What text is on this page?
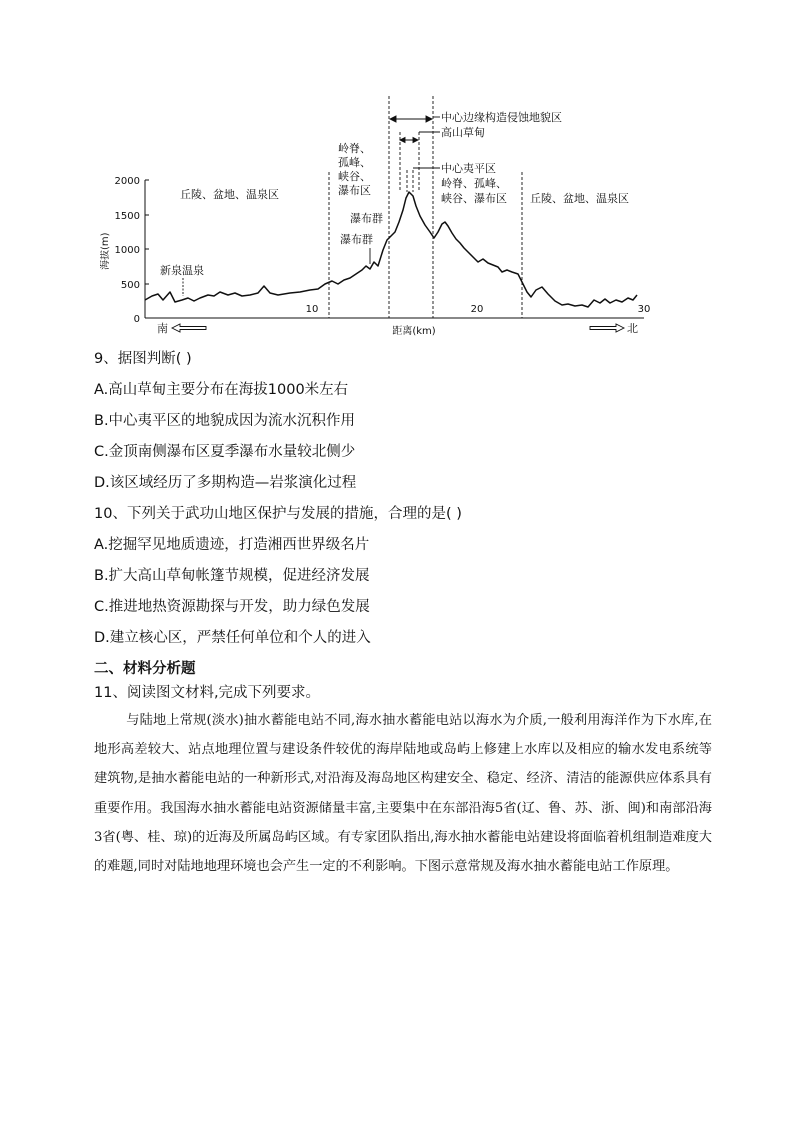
2000
1500
1000
500
0
海拔(m)
10	20	30
丘陵、盆地、温泉区	丘陵、盆地、温泉区
新泉温泉
岭脊、
孤峰、
峡谷、
瀑布区
瀑布群
瀑布群
中心边缘构造侵蚀地貌区
高山草甸
中心夷平区
岭脊、孤峰、
峡谷、瀑布区
南	距离(km)	北
9、据图判断( )
A.高山草甸主要分布在海拔1000米左右
B.中心夷平区的地貌成因为流水沉积作用
C.金顶南侧瀑布区夏季瀑布水量较北侧少
D.该区域经历了多期构造—岩浆演化过程
10、下列关于武功山地区保护与发展的措施，合理的是( )
A.挖掘罕见地质遗迹，打造湘西世界级名片
B.扩大高山草甸帐篷节规模，促进经济发展
C.推进地热资源勘探与开发，助力绿色发展
D.建立核心区，严禁任何单位和个人的进入
二、材料分析题
11、阅读图文材料,完成下列要求。
与陆地上常规(淡水)抽水蓄能电站不同,海水抽水蓄能电站以海水为介质,一般利用海洋作为下水库,在地形高差较大、站点地理位置与建设条件较优的海岸陆地或岛屿上修建上水库以及相应的输水发电系统等建筑物,是抽水蓄能电站的一种新形式,对沿海及海岛地区构建安全、稳定、经济、清洁的能源供应体系具有重要作用。我国海水抽水蓄能电站资源储量丰富,主要集中在东部沿海5省(辽、鲁、苏、浙、闽)和南部沿海3省(粤、桂、琼)的近海及所属岛屿区域。有专家团队指出,海水抽水蓄能电站建设将面临着机组制造难度大的难题,同时对陆地地理环境也会产生一定的不利影响。下图示意常规及海水抽水蓄能电站工作原理。
